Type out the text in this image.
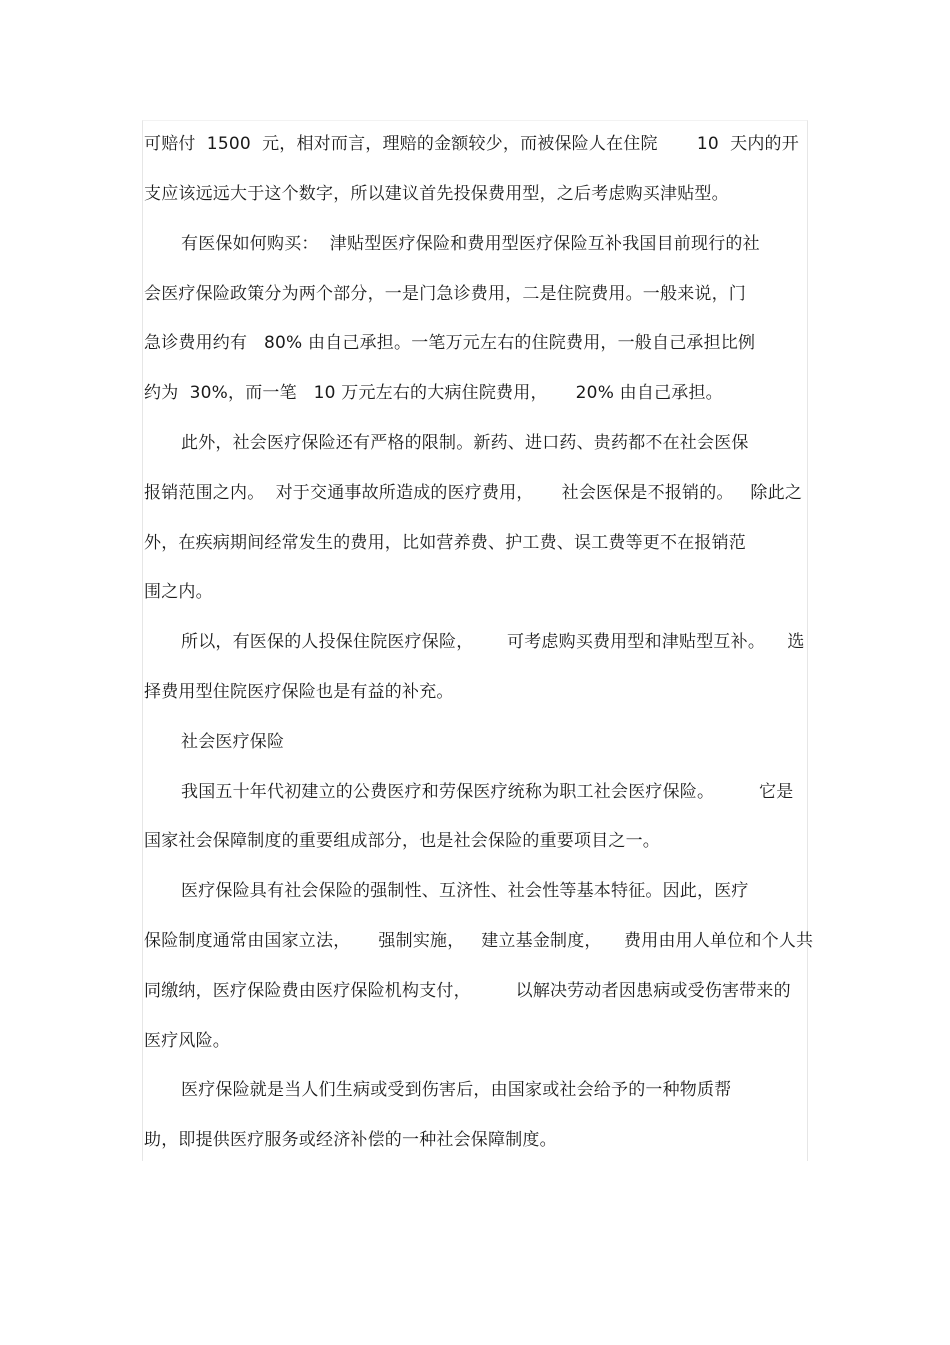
可赔付  1500  元，相对而言，理赔的金额较少，而被保险人在住院       10  天内的开
支应该远远大于这个数字，所以建议首先投保费用型，之后考虑购买津贴型。
有医保如何购买：  津贴型医疗保险和费用型医疗保险互补我国目前现行的社
会医疗保险政策分为两个部分，一是门急诊费用，二是住院费用。一般来说，门
急诊费用约有   80% 由自己承担。一笔万元左右的住院费用，一般自己承担比例
约为  30%，而一笔   10 万元左右的大病住院费用，     20% 由自己承担。
此外，社会医疗保险还有严格的限制。新药、进口药、贵药都不在社会医保
报销范围之内。  对于交通事故所造成的医疗费用，     社会医保是不报销的。   除此之
外，在疾病期间经常发生的费用，比如营养费、护工费、误工费等更不在报销范
围之内。
所以，有医保的人投保住院医疗保险，      可考虑购买费用型和津贴型互补。    选
择费用型住院医疗保险也是有益的补充。
社会医疗保险
我国五十年代初建立的公费医疗和劳保医疗统称为职工社会医疗保险。        它是
国家社会保障制度的重要组成部分，也是社会保险的重要项目之一。
医疗保险具有社会保险的强制性、互济性、社会性等基本特征。因此，医疗
保险制度通常由国家立法，     强制实施，   建立基金制度，    费用由用人单位和个人共
同缴纳，医疗保险费由医疗保险机构支付，        以解决劳动者因患病或受伤害带来的
医疗风险。
医疗保险就是当人们生病或受到伤害后，由国家或社会给予的一种物质帮
助，即提供医疗服务或经济补偿的一种社会保障制度。
